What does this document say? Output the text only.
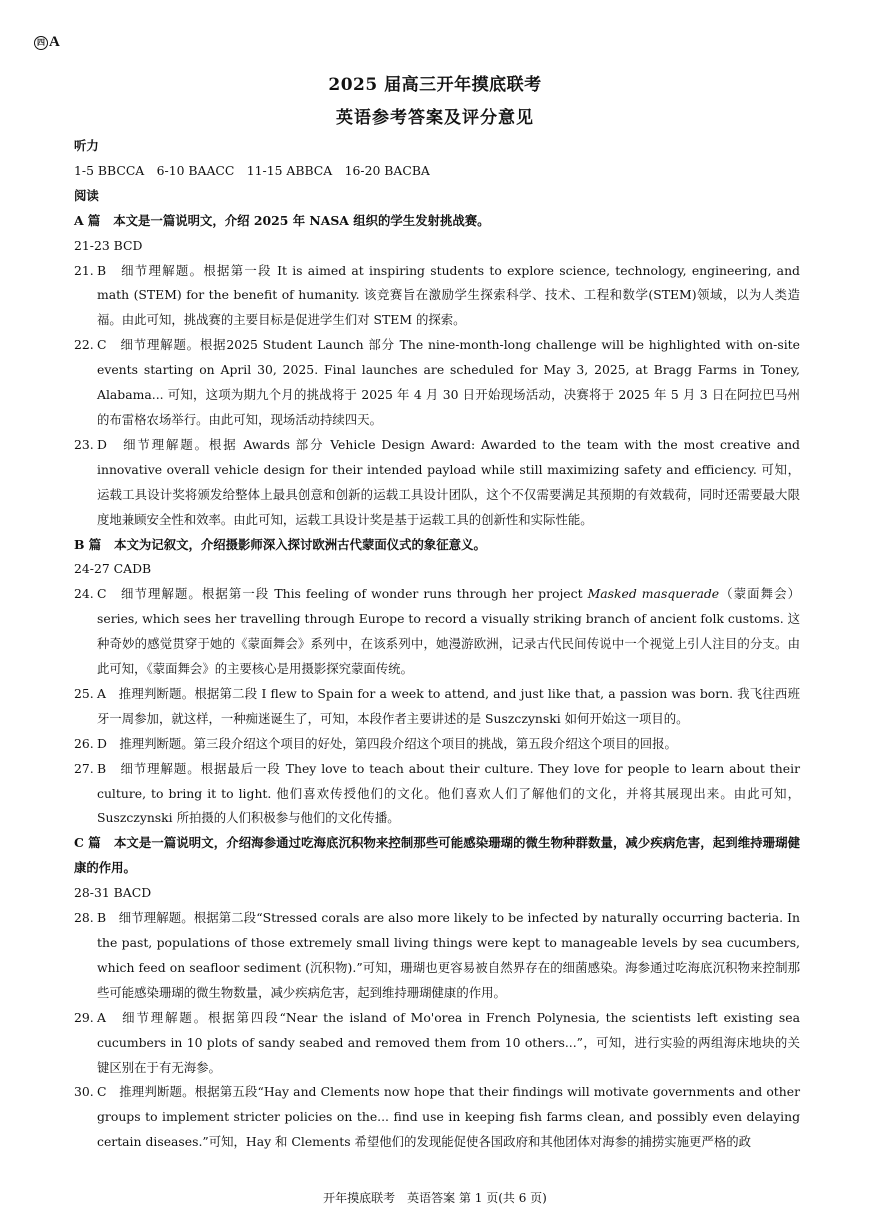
四 A
2025 届高三开年摸底联考
英语参考答案及评分意见
听力
1-5 BBCCA　6-10 BAACC　11-15 ABBCA　16-20 BACBA
阅读
A 篇 本文是一篇说明文，介绍 2025 年 NASA 组织的学生发射挑战赛。
21-23 BCD
21. B　细节理解题。根据第一段 It is aimed at inspiring students to explore science, technology, engineering, and math (STEM) for the benefit of humanity. 该竞赛旨在激励学生探索科学、技术、工程和数学(STEM)领域，以为人类造福。由此可知，挑战赛的主要目标是促进学生们对 STEM 的探索。
22. C　细节理解题。根据2025 Student Launch 部分 The nine-month-long challenge will be highlighted with on-site events starting on April 30, 2025. Final launches are scheduled for May 3, 2025, at Bragg Farms in Toney, Alabama... 可知，这项为期九个月的挑战将于 2025 年 4 月 30 日开始现场活动，决赛将于 2025 年 5 月 3 日在阿拉巴马州的布雷格农场举行。由此可知，现场活动持续四天。
23. D　细节理解题。根据 Awards 部分 Vehicle Design Award: Awarded to the team with the most creative and innovative overall vehicle design for their intended payload while still maximizing safety and efficiency. 可知，运载工具设计奖将颁发给整体上最具创意和创新的运载工具设计团队，这个不仅需要满足其预期的有效载荷，同时还需要最大限度地兼顾安全性和效率。由此可知，运载工具设计奖是基于运载工具的创新性和实际性能。
B 篇 本文为记叙文，介绍摄影师深入探讨欧洲古代蒙面仪式的象征意义。
24-27 CADB
24. C　细节理解题。根据第一段 This feeling of wonder runs through her project Masked masquerade（蒙面舞会）series, which sees her travelling through Europe to record a visually striking branch of ancient folk customs. 这种奇妙的感觉贯穿于她的《蒙面舞会》系列中，在该系列中，她漫游欧洲，记录古代民间传说中一个视觉上引人注目的分支。由此可知，《蒙面舞会》的主要核心是用摄影探究蒙面传统。
25. A　推理判断题。根据第二段 I flew to Spain for a week to attend, and just like that, a passion was born. 我飞往西班牙一周参加，就这样，一种痴迷诞生了，可知，本段作者主要讲述的是 Suszczynski 如何开始这一项目的。
26. D　推理判断题。第三段介绍这个项目的好处，第四段介绍这个项目的挑战，第五段介绍这个项目的回报。
27. B　细节理解题。根据最后一段 They love to teach about their culture. They love for people to learn about their culture, to bring it to light. 他们喜欢传授他们的文化。他们喜欢人们了解他们的文化，并将其展现出来。由此可知，Suszczynski 所拍摄的人们积极参与他们的文化传播。
C 篇 本文是一篇说明文，介绍海参通过吃海底沉积物来控制那些可能感染珊瑚的微生物种群数量，减少疾病危害，起到维持珊瑚健康的作用。
28-31 BACD
28. B　细节理解题。根据第二段“Stressed corals are also more likely to be infected by naturally occurring bacteria. In the past, populations of those extremely small living things were kept to manageable levels by sea cucumbers, which feed on seafloor sediment (沉积物).”可知，珊瑚也更容易被自然界存在的细菌感染。海参通过吃海底沉积物来控制那些可能感染珊瑚的微生物数量，减少疾病危害，起到维持珊瑚健康的作用。
29. A　细节理解题。根据第四段“Near the island of Mo'orea in French Polynesia, the scientists left existing sea cucumbers in 10 plots of sandy seabed and removed them from 10 others...”，可知，进行实验的两组海床地块的关键区别在于有无海参。
30. C　推理判断题。根据第五段“Hay and Clements now hope that their findings will motivate governments and other groups to implement stricter policies on the... find use in keeping fish farms clean, and possibly even delaying certain diseases.”可知，Hay 和 Clements 希望他们的发现能促使各国政府和其他团体对海参的捕捞实施更严格的政
开年摸底联考　英语答案 第 1 页(共 6 页)
